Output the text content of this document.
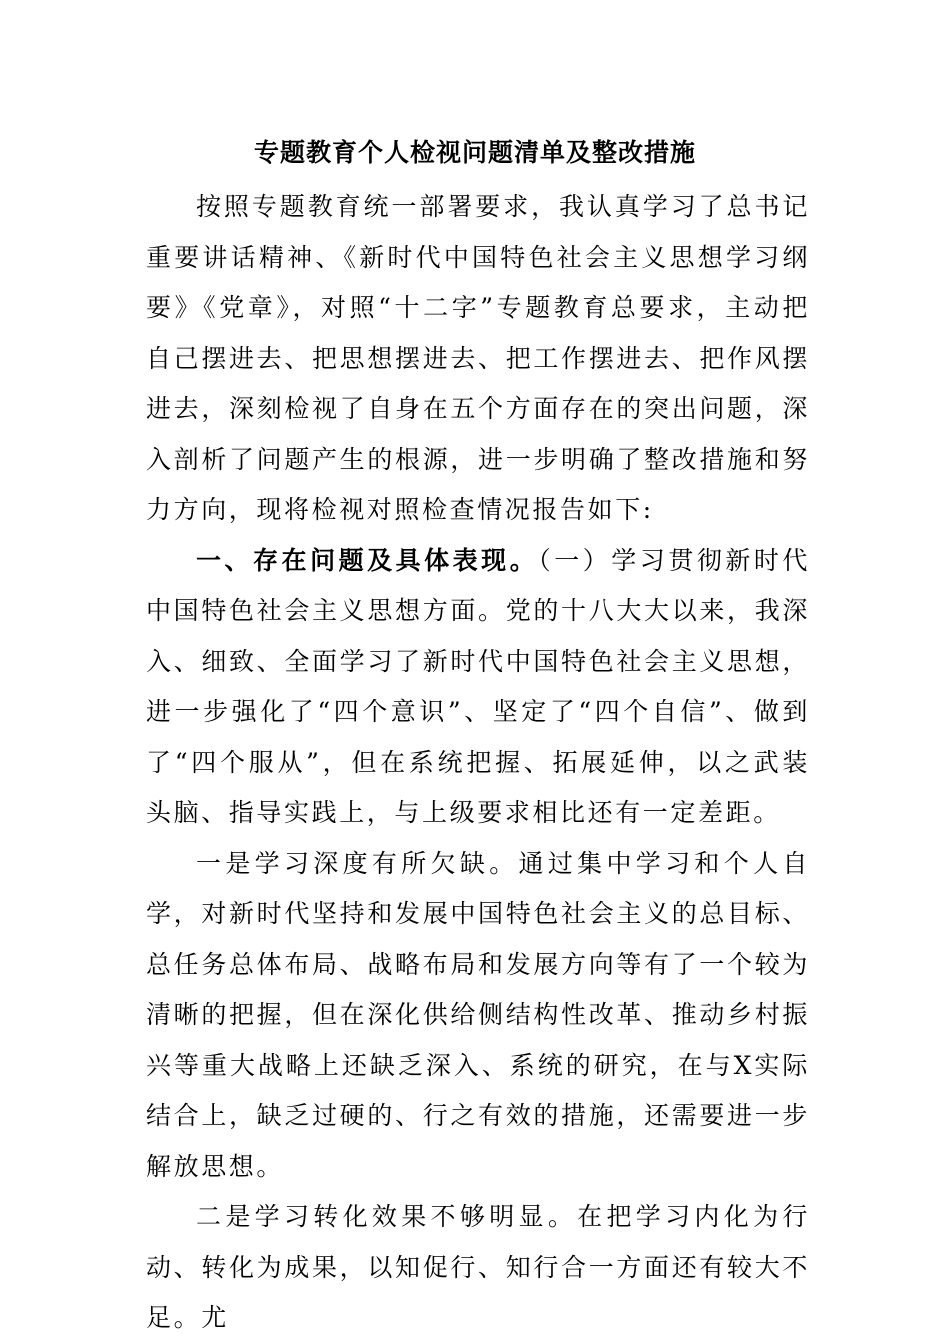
专题教育个人检视问题清单及整改措施

按照专题教育统一部署要求，我认真学习了总书记重要讲话精神、《新时代中国特色社会主义思想学习纲要》《党章》，对照“十二字”专题教育总要求，主动把自己摆进去、把思想摆进去、把工作摆进去、把作风摆进去，深刻检视了自身在五个方面存在的突出问题，深入剖析了问题产生的根源，进一步明确了整改措施和努力方向，现将检视对照检查情况报告如下:

一、存在问题及具体表现。（一）学习贯彻新时代中国特色社会主义思想方面。党的十八大大以来，我深入、细致、全面学习了新时代中国特色社会主义思想，进一步强化了“四个意识”、坚定了“四个自信”、做到了“四个服从”，但在系统把握、拓展延伸，以之武装头脑、指导实践上，与上级要求相比还有一定差距。

一是学习深度有所欠缺。通过集中学习和个人自学，对新时代坚持和发展中国特色社会主义的总目标、总任务总体布局、战略布局和发展方向等有了一个较为清晰的把握，但在深化供给侧结构性改革、推动乡村振兴等重大战略上还缺乏深入、系统的研究，在与X实际结合上，缺乏过硬的、行之有效的措施，还需要进一步解放思想。

二是学习转化效果不够明显。在把学习内化为行动、转化为成果，以知促行、知行合一方面还有较大不足。尤
